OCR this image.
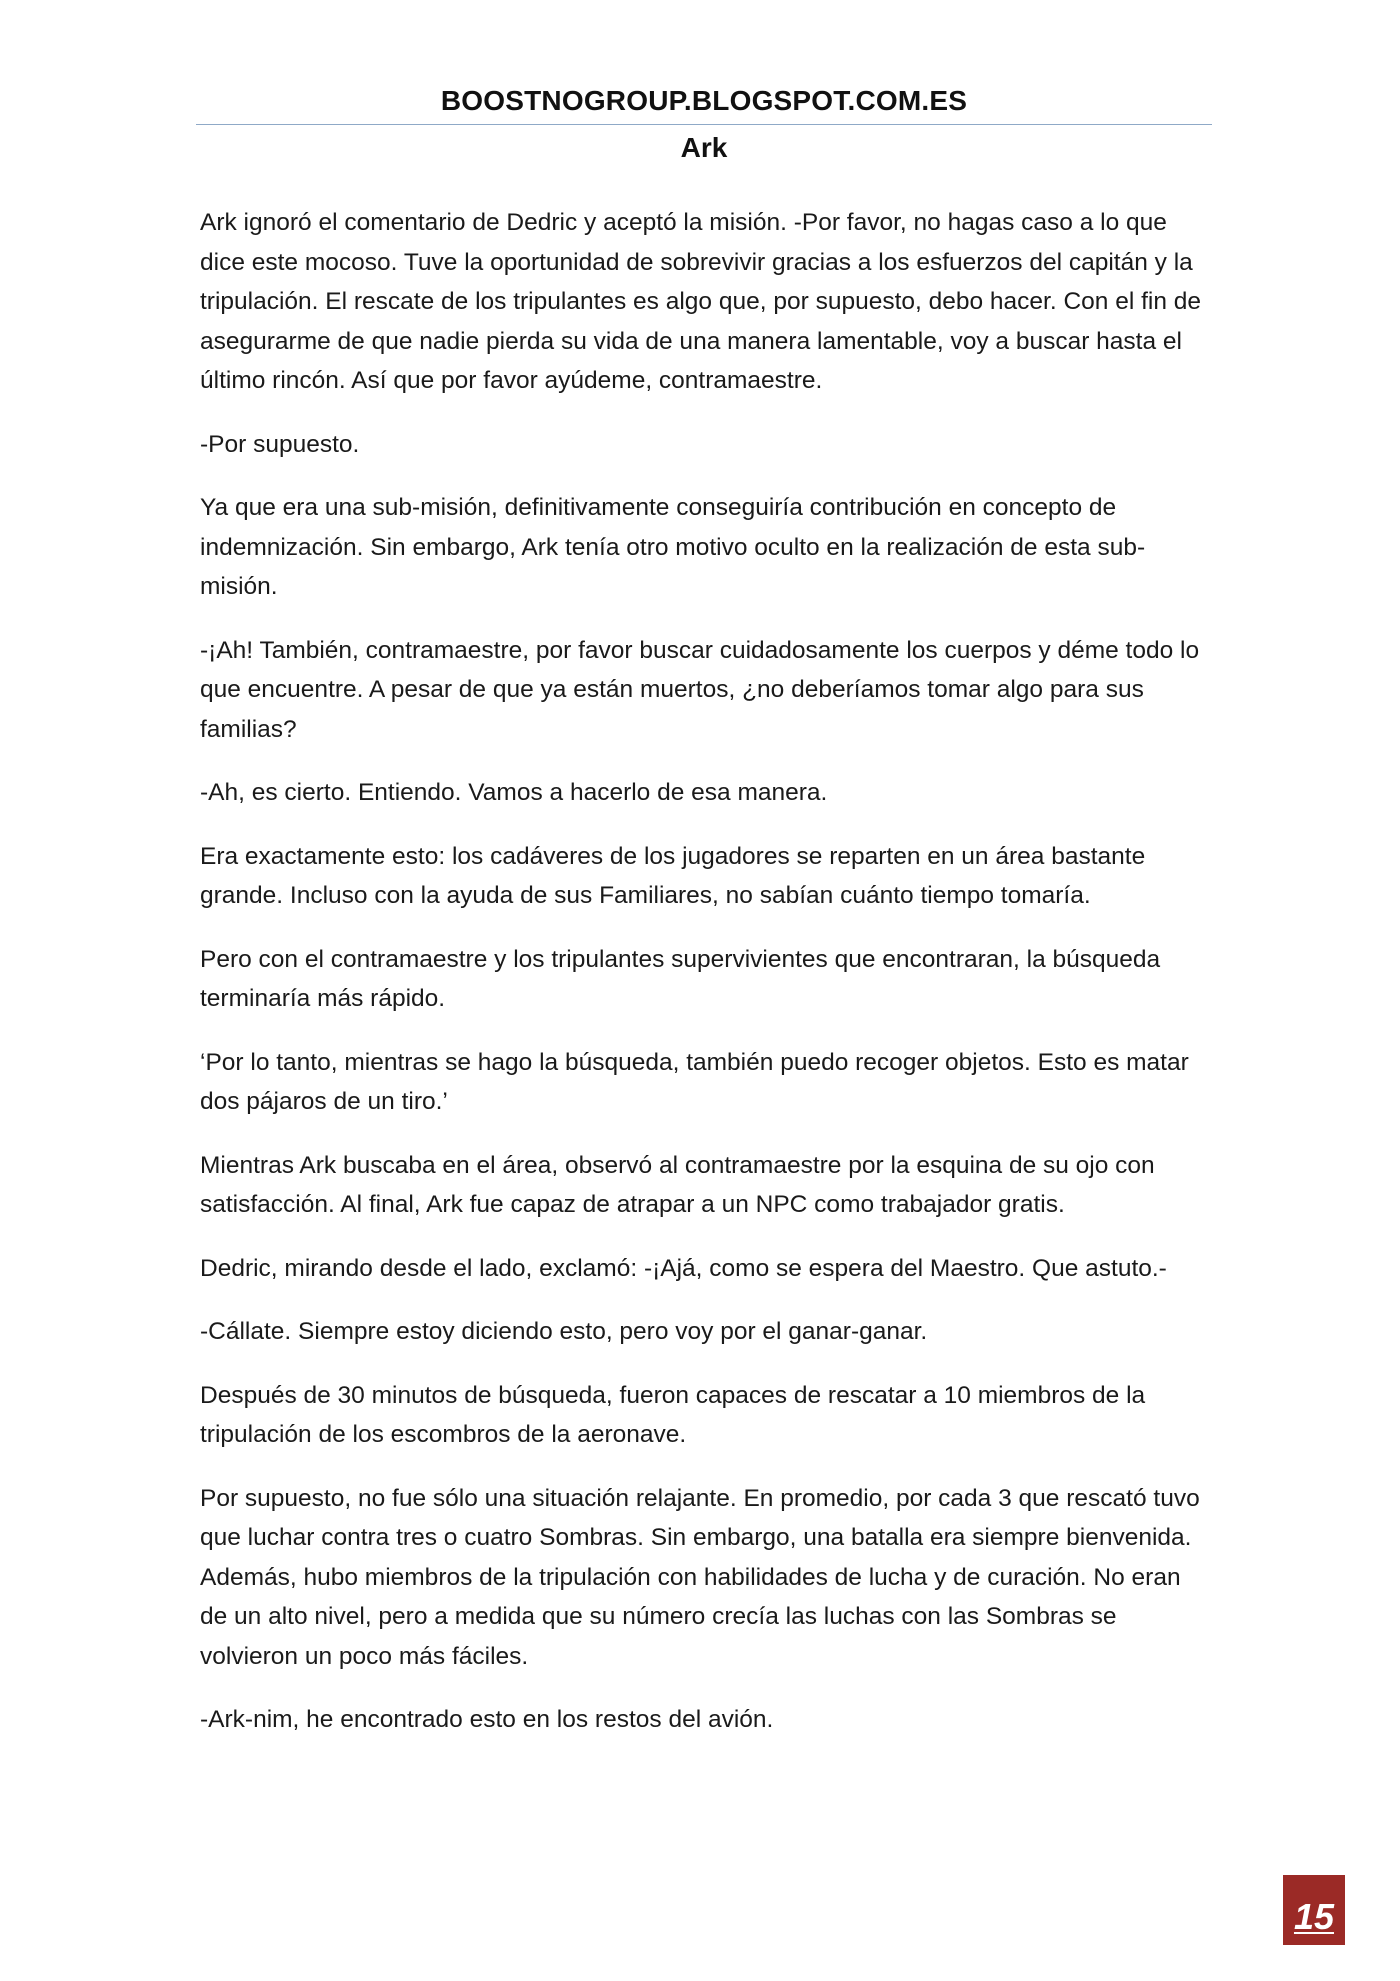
BOOSTNOGROUP.BLOGSPOT.COM.ES
Ark

Ark ignoró el comentario de Dedric y aceptó la misión. -Por favor, no hagas caso a lo que dice este mocoso. Tuve la oportunidad de sobrevivir gracias a los esfuerzos del capitán y la tripulación. El rescate de los tripulantes es algo que, por supuesto, debo hacer. Con el fin de asegurarme de que nadie pierda su vida de una manera lamentable, voy a buscar hasta el último rincón. Así que por favor ayúdeme, contramaestre.

-Por supuesto.

Ya que era una sub-misión, definitivamente conseguiría contribución en concepto de indemnización. Sin embargo, Ark tenía otro motivo oculto en la realización de esta sub-misión.

-¡Ah! También, contramaestre, por favor buscar cuidadosamente los cuerpos y déme todo lo que encuentre. A pesar de que ya están muertos, ¿no deberíamos tomar algo para sus familias?

-Ah, es cierto. Entiendo. Vamos a hacerlo de esa manera.

Era exactamente esto: los cadáveres de los jugadores se reparten en un área bastante grande. Incluso con la ayuda de sus Familiares, no sabían cuánto tiempo tomaría.

Pero con el contramaestre y los tripulantes supervivientes que encontraran, la búsqueda terminaría más rápido.

‘Por lo tanto, mientras se hago la búsqueda, también puedo recoger objetos. Esto es matar dos pájaros de un tiro.’

Mientras Ark buscaba en el área, observó al contramaestre por la esquina de su ojo con satisfacción. Al final, Ark fue capaz de atrapar a un NPC como trabajador gratis.

Dedric, mirando desde el lado, exclamó: -¡Ajá, como se espera del Maestro. Que astuto.-

-Cállate. Siempre estoy diciendo esto, pero voy por el ganar-ganar.

Después de 30 minutos de búsqueda, fueron capaces de rescatar a 10 miembros de la tripulación de los escombros de la aeronave.

Por supuesto, no fue sólo una situación relajante. En promedio, por cada 3 que rescató tuvo que luchar contra tres o cuatro Sombras. Sin embargo, una batalla era siempre bienvenida. Además, hubo miembros de la tripulación con habilidades de lucha y de curación. No eran de un alto nivel, pero a medida que su número crecía las luchas con las Sombras se volvieron un poco más fáciles.

-Ark-nim, he encontrado esto en los restos del avión.

15
